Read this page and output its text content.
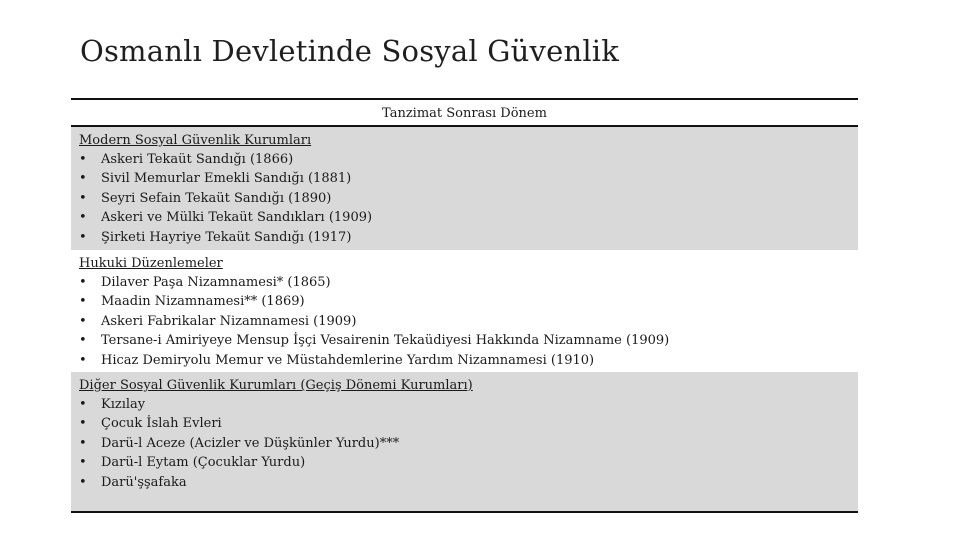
Osmanlı Devletinde Sosyal Güvenlik
Tanzimat Sonrası Dönem
Modern Sosyal Güvenlik Kurumları
• Askeri Tekaüt Sandığı (1866)
• Sivil Memurlar Emekli Sandığı (1881)
• Seyri Sefain Tekaüt Sandığı (1890)
• Askeri ve Mülki Tekaüt Sandıkları (1909)
• Şirketi Hayriye Tekaüt Sandığı (1917)
Hukuki Düzenlemeler
• Dilaver Paşa Nizamnamesi* (1865)
• Maadin Nizamnamesi** (1869)
• Askeri Fabrikalar Nizamnamesi (1909)
• Tersane-i Amiriyeye Mensup İşçi Vesairenin Tekaüdiyesi Hakkında Nizamname (1909)
• Hicaz Demiryolu Memur ve Müstahdemlerine Yardım Nizamnamesi (1910)
Diğer Sosyal Güvenlik Kurumları (Geçiş Dönemi Kurumları)
• Kızılay
• Çocuk İslah Evleri
• Darü-l Aceze (Acizler ve Düşkünler Yurdu)***
• Darü-l Eytam (Çocuklar Yurdu)
• Darü'şşafaka
